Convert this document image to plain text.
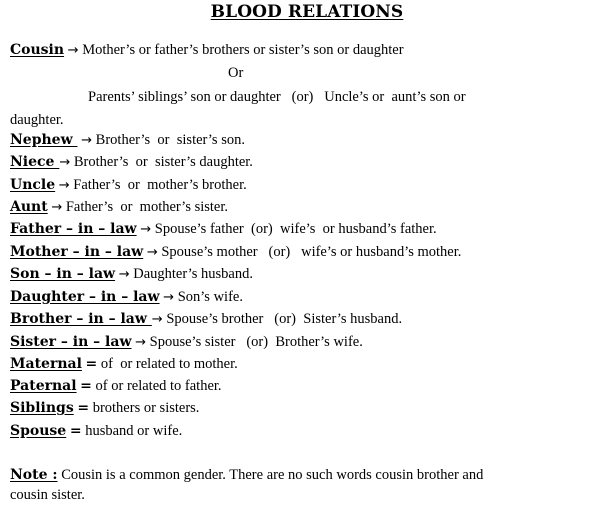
BLOOD RELATIONS
Cousin → Mother’s or father’s brothers or sister’s son or daughter
Or
Parents’ siblings’ son or daughter   (or)   Uncle’s or  aunt’s son or
daughter.
Nephew  → Brother’s  or  sister’s son.
Niece → Brother’s  or  sister’s daughter.
Uncle → Father’s  or  mother’s brother.
Aunt → Father’s  or  mother’s sister.
Father – in – law → Spouse’s father  (or)  wife’s  or husband’s father.
Mother – in – law → Spouse’s mother   (or)   wife’s or husband’s mother.
Son – in – law → Daughter’s husband.
Daughter – in – law → Son’s wife.
Brother – in – law → Spouse’s brother   (or)  Sister’s husband.
Sister – in – law → Spouse’s sister   (or)  Brother’s wife.
Maternal = of  or related to mother.
Paternal = of or related to father.
Siblings = brothers or sisters.
Spouse = husband or wife.
Note : Cousin is a common gender. There are no such words cousin brother and
cousin sister.
